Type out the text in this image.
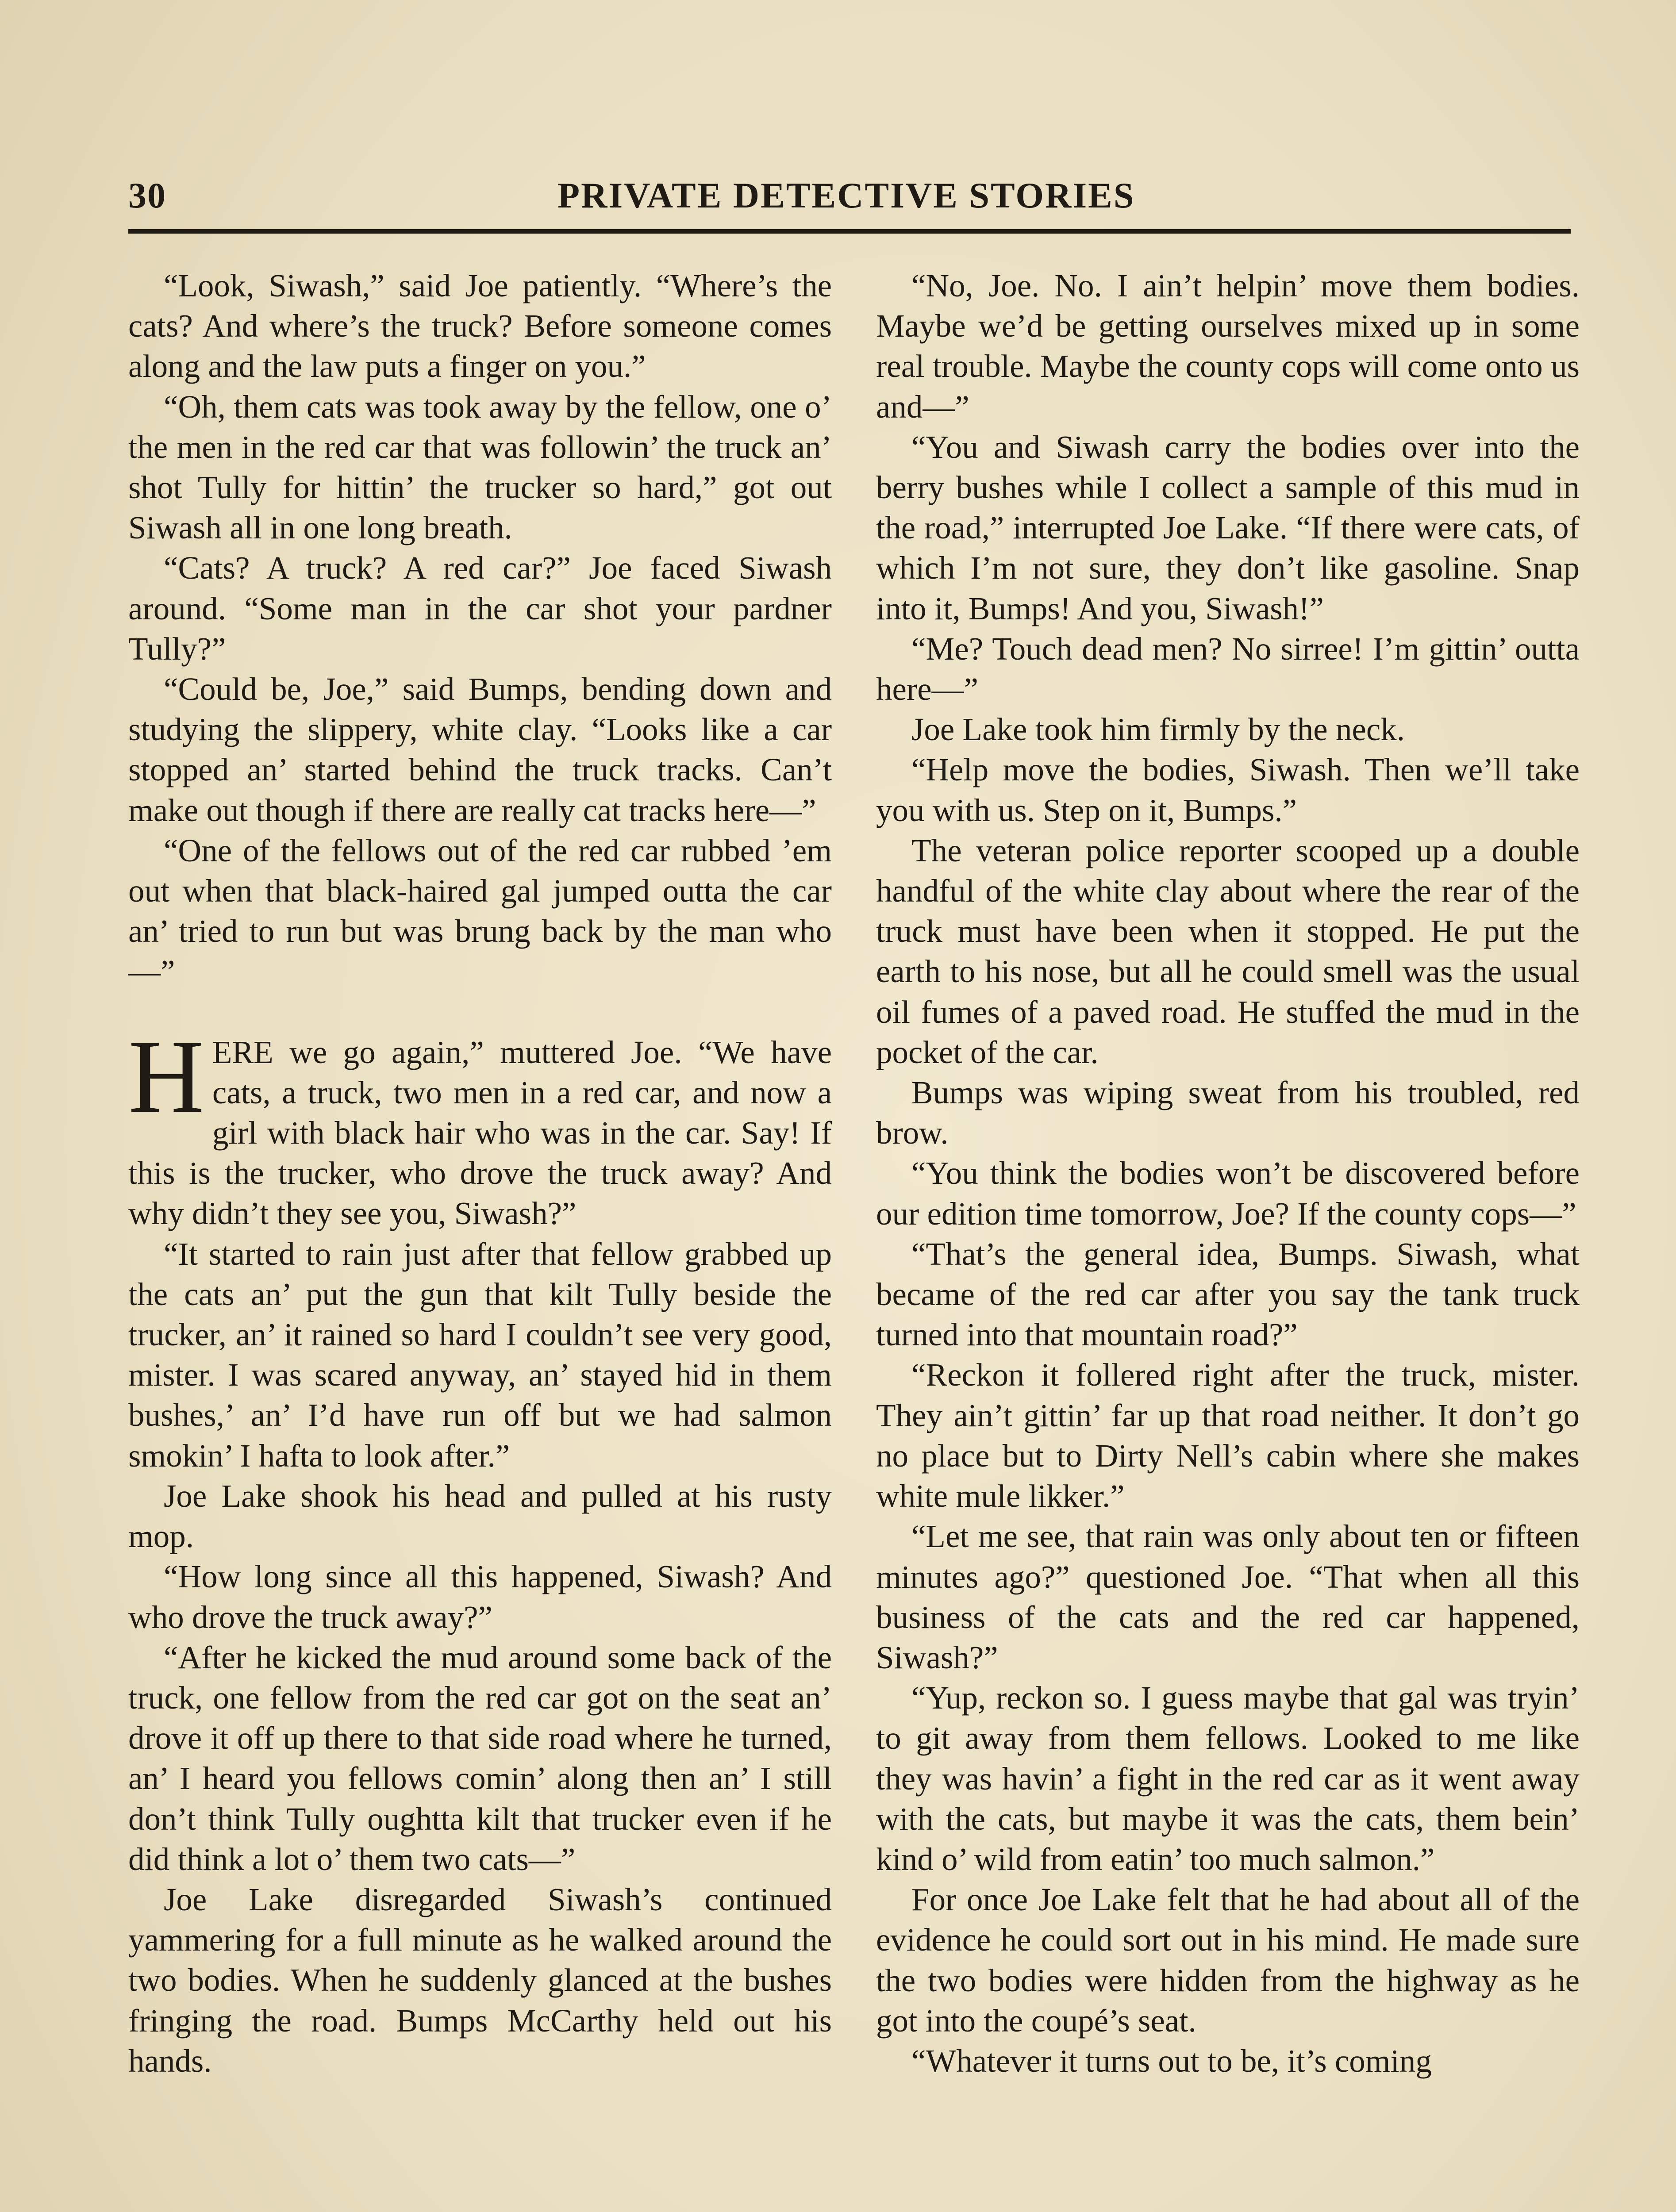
30	PRIVATE DETECTIVE STORIES

“Look, Siwash,” said Joe patiently. “Where’s the cats? And where’s the truck? Before someone comes along and the law puts a finger on you.”

“Oh, them cats was took away by the fellow, one o’ the men in the red car that was followin’ the truck an’ shot Tully for hittin’ the trucker so hard,” got out Siwash all in one long breath.

“Cats? A truck? A red car?” Joe faced Siwash around. “Some man in the car shot your pardner Tully?”

“Could be, Joe,” said Bumps, bending down and studying the slippery, white clay. “Looks like a car stopped an’ started behind the truck tracks. Can’t make out though if there are really cat tracks here—”

“One of the fellows out of the red car rubbed ’em out when that black-haired gal jumped outta the car an’ tried to run but was brung back by the man who—”

HERE we go again,” muttered Joe. “We have cats, a truck, two men in a red car, and now a girl with black hair who was in the car. Say! If this is the trucker, who drove the truck away? And why didn’t they see you, Siwash?”

“It started to rain just after that fellow grabbed up the cats an’ put the gun that kilt Tully beside the trucker, an’ it rained so hard I couldn’t see very good, mister. I was scared anyway, an’ stayed hid in them bushes,’ an’ I’d have run off but we had salmon smokin’ I hafta to look after.”

Joe Lake shook his head and pulled at his rusty mop.

“How long since all this happened, Siwash? And who drove the truck away?”

“After he kicked the mud around some back of the truck, one fellow from the red car got on the seat an’ drove it off up there to that side road where he turned, an’ I heard you fellows comin’ along then an’ I still don’t think Tully oughtta kilt that trucker even if he did think a lot o’ them two cats—”

Joe Lake disregarded Siwash’s continued yammering for a full minute as he walked around the two bodies. When he suddenly glanced at the bushes fringing the road. Bumps McCarthy held out his hands.

“No, Joe. No. I ain’t helpin’ move them bodies. Maybe we’d be getting ourselves mixed up in some real trouble. Maybe the county cops will come onto us and—”

“You and Siwash carry the bodies over into the berry bushes while I collect a sample of this mud in the road,” interrupted Joe Lake. “If there were cats, of which I’m not sure, they don’t like gasoline. Snap into it, Bumps! And you, Siwash!”

“Me? Touch dead men? No sirree! I’m gittin’ outta here—”

Joe Lake took him firmly by the neck.

“Help move the bodies, Siwash. Then we’ll take you with us. Step on it, Bumps.”

The veteran police reporter scooped up a double handful of the white clay about where the rear of the truck must have been when it stopped. He put the earth to his nose, but all he could smell was the usual oil fumes of a paved road. He stuffed the mud in the pocket of the car.

Bumps was wiping sweat from his troubled, red brow.

“You think the bodies won’t be discovered before our edition time tomorrow, Joe? If the county cops—”

“That’s the general idea, Bumps. Siwash, what became of the red car after you say the tank truck turned into that mountain road?”

“Reckon it follered right after the truck, mister. They ain’t gittin’ far up that road neither. It don’t go no place but to Dirty Nell’s cabin where she makes white mule likker.”

“Let me see, that rain was only about ten or fifteen minutes ago?” questioned Joe. “That when all this business of the cats and the red car happened, Siwash?”

“Yup, reckon so. I guess maybe that gal was tryin’ to git away from them fellows. Looked to me like they was havin’ a fight in the red car as it went away with the cats, but maybe it was the cats, them bein’ kind o’ wild from eatin’ too much salmon.”

For once Joe Lake felt that he had about all of the evidence he could sort out in his mind. He made sure the two bodies were hidden from the highway as he got into the coupé’s seat.

“Whatever it turns out to be, it’s coming
